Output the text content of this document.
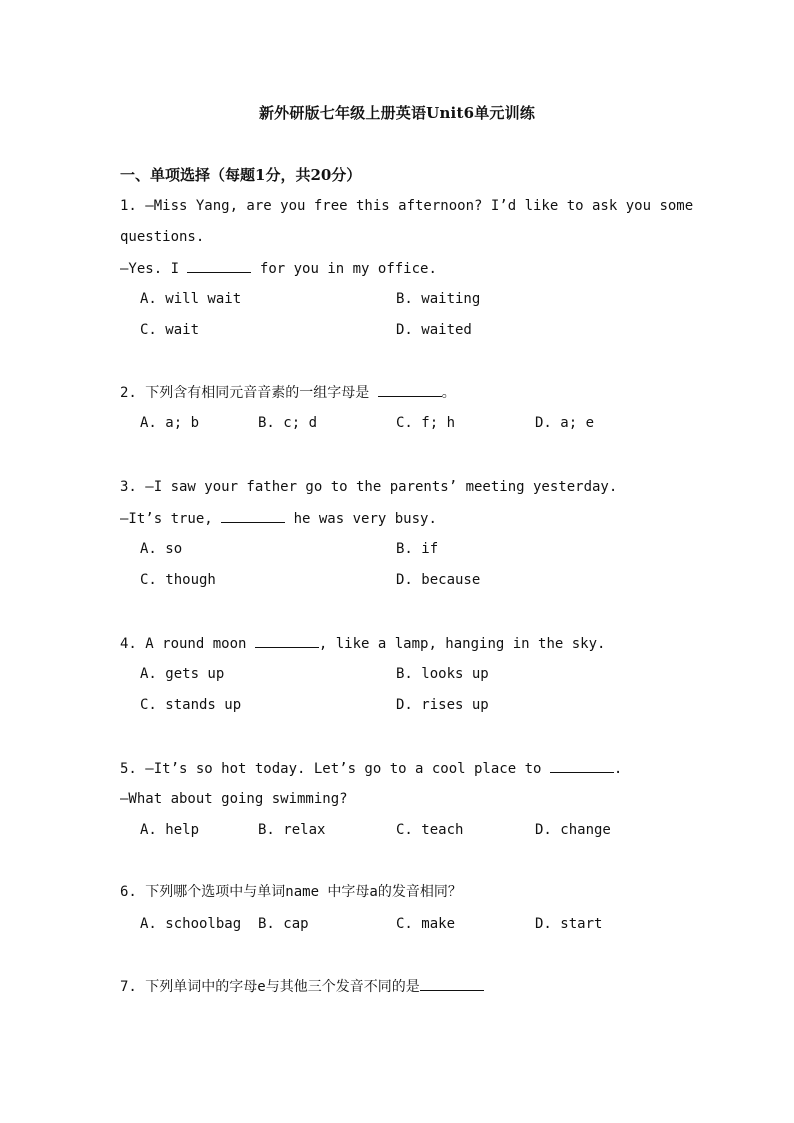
新外研版七年级上册英语Unit6单元训练
一、单项选择（每题1分，共20分）
1. —Miss Yang, are you free this afternoon? I’d like to ask you some
questions.
—Yes. I	for you in my office.
A. will wait	B. waiting
C. wait	D. waited
2. 下列含有相同元音音素的一组字母是	。
A. a; b	B. c; d	C. f; h	D. a; e
3. —I saw your father go to the parents’ meeting yesterday.
—It’s true,	he was very busy.
A. so	B. if
C. though	D. because
4. A round moon	, like a lamp, hanging in the sky.
A. gets up	B. looks up
C. stands up	D. rises up
5. —It’s so hot today. Let’s go to a cool place to	.
—What about going swimming?
A. help	B. relax	C. teach	D. change
6. 下列哪个选项中与单词name 中字母a的发音相同？
A. schoolbag B. cap	C. make	D. start
7. 下列单词中的字母e与其他三个发音不同的是
